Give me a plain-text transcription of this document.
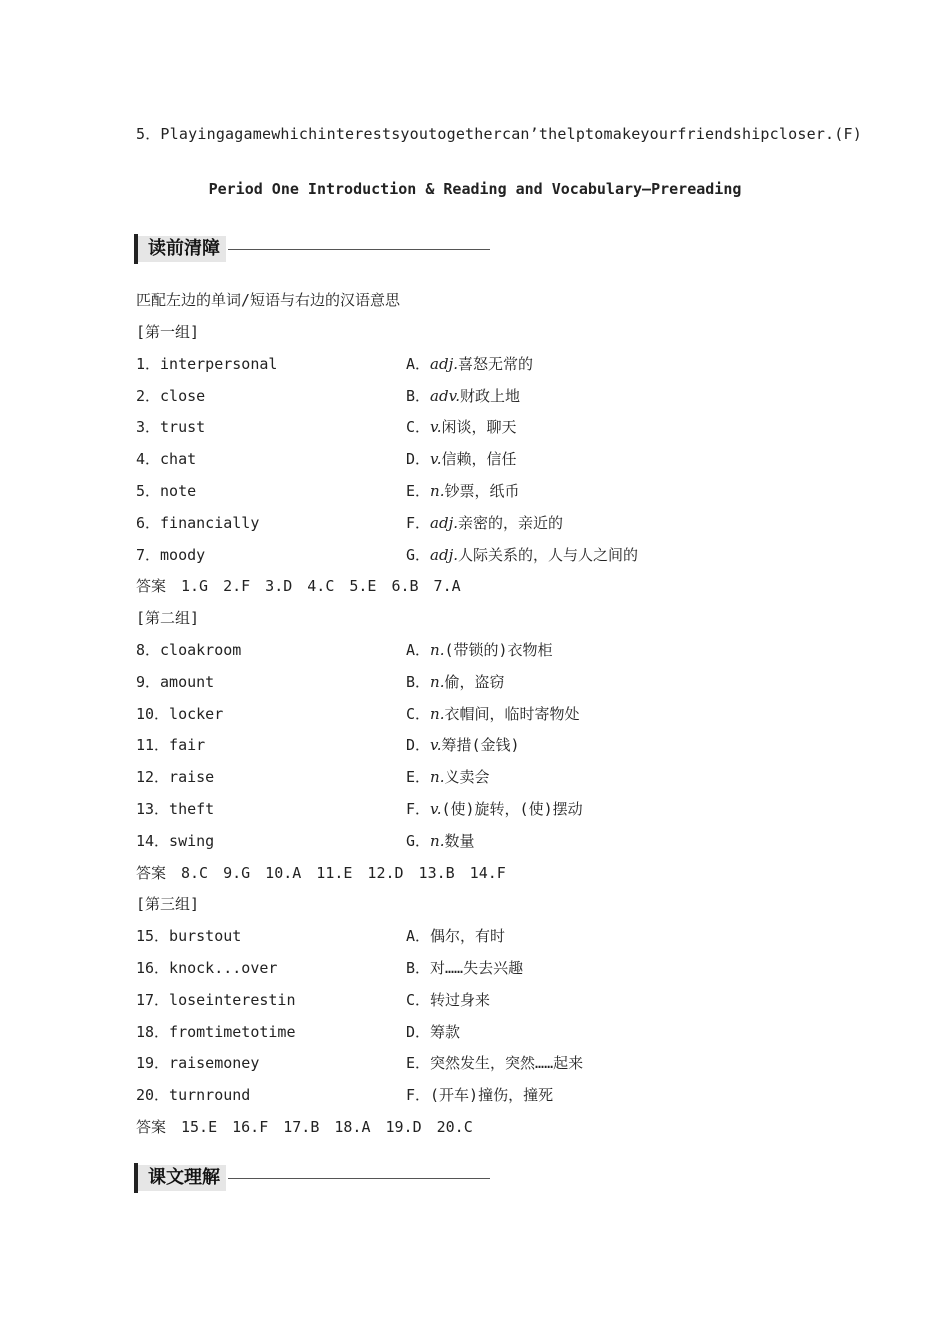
5．Playingagamewhichinterestsyoutogethercan’thelptomakeyourfriendshipcloser.(F)
Period One Introduction & Reading and Vocabulary—Prereading
读前清障
匹配左边的单词/短语与右边的汉语意思
[第一组]
1．interpersonal	A．adj.喜怒无常的
2．close	B．adv.财政上地
3．trust	C．v.闲谈，聊天
4．chat	D．v.信赖，信任
5．note	E．n.钞票，纸币
6．financially	F．adj.亲密的，亲近的
7．moody	G．adj.人际关系的，人与人之间的
答案　1.G　2.F　3.D　4.C　5.E　6.B　7.A
[第二组]
8．cloakroom	A．n.(带锁的)衣物柜
9．amount	B．n.偷，盗窃
10．locker	C．n.衣帽间，临时寄物处
11．fair	D．v.筹措(金钱)
12．raise	E．n.义卖会
13．theft	F．v.(使)旋转，(使)摆动
14．swing	G．n.数量
答案　8.C　9.G　10.A　11.E　12.D　13.B　14.F
[第三组]
15．burstout	A．偶尔，有时
16．knock...over	B．对……失去兴趣
17．loseinterestin	C．转过身来
18．fromtimetotime	D．筹款
19．raisemoney	E．突然发生，突然……起来
20．turnround	F．(开车)撞伤，撞死
答案　15.E　16.F　17.B　18.A　19.D　20.C
课文理解
